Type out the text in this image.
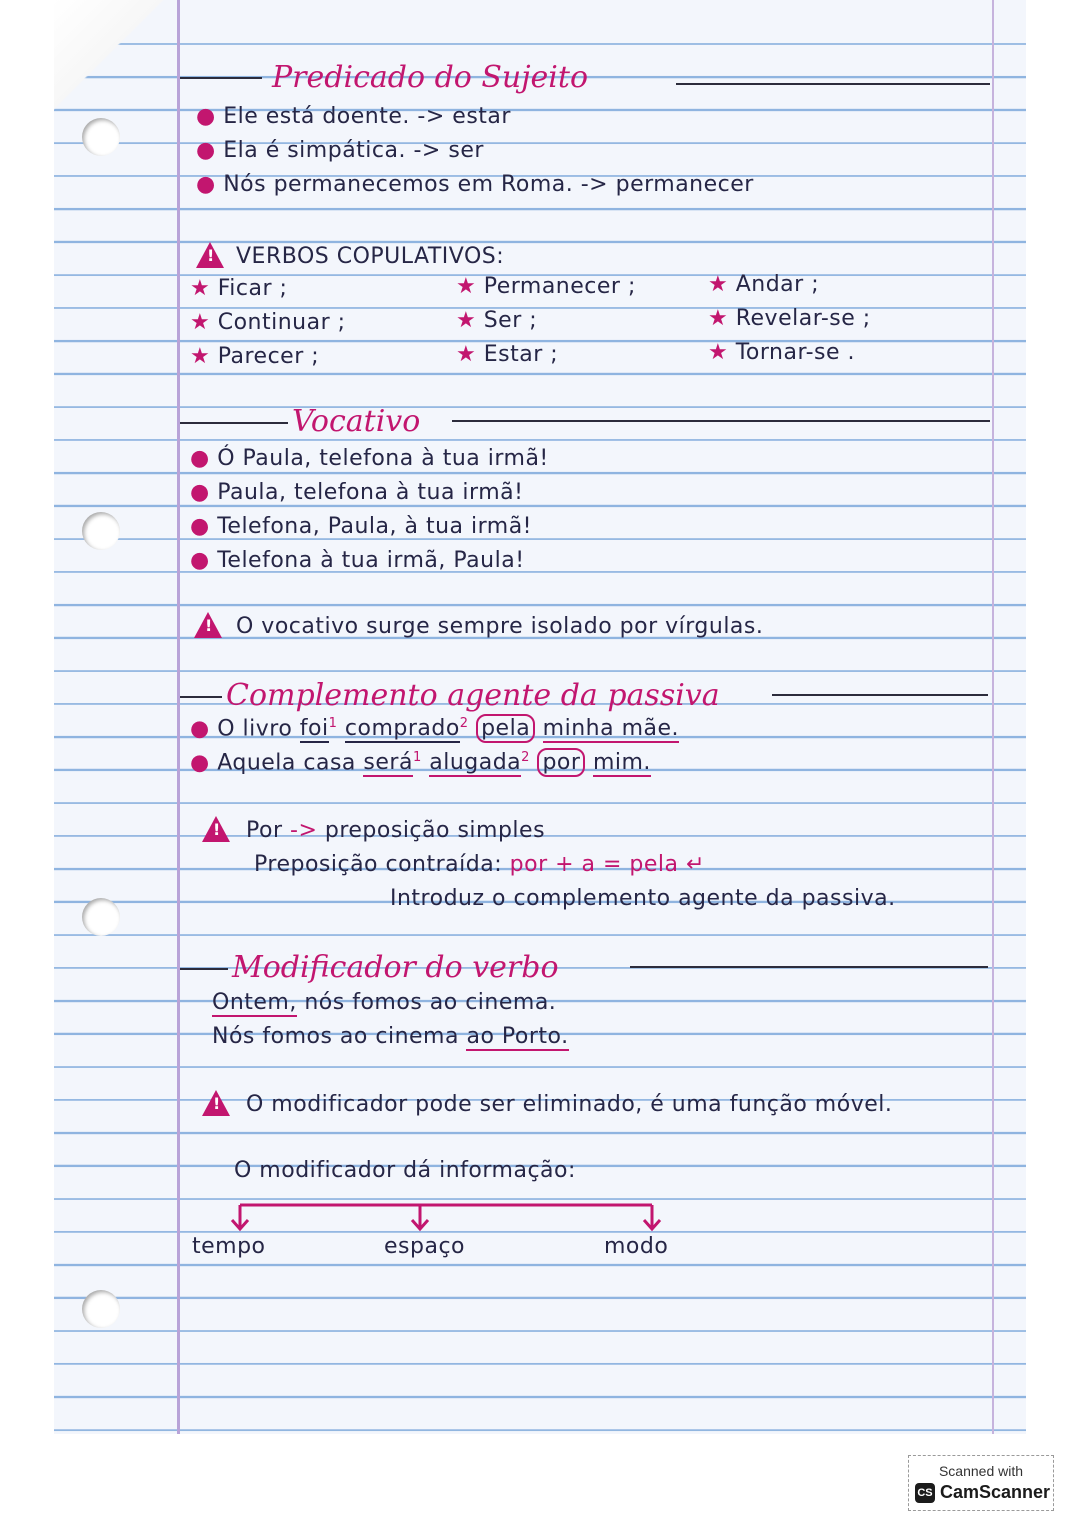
Predicado do Sujeito
● Ele está doente. -> estar
● Ela é simpática. -> ser
● Nós permanecemos em Roma. -> permanecer
!
VERBOS COPULATIVOS:
★ Ficar ;
★ Continuar ;
★ Parecer ;
★ Permanecer ;
★ Ser ;
★ Estar ;
★ Andar ;
★ Revelar-se ;
★ Tornar-se .
Vocativo
● Ó Paula, telefona à tua irmã!
● Paula, telefona à tua irmã!
● Telefona, Paula, à tua irmã!
● Telefona à tua irmã, Paula!
!
O vocativo surge sempre isolado por vírgulas.
Complemento agente da passiva
● O livro foi$^1$ comprado$^2$ pela minha mãe.
● Aquela casa será$^1$ alugada$^2$ por mim.
!
Por -> preposição simples
Preposição contraída: por + a = pela ↵
Introduz o complemento agente da passiva.
Modificador do verbo
Ontem, nós fomos ao cinema.
Nós fomos ao cinema ao Porto.
!
O modificador pode ser eliminado, é uma função móvel.
O modificador dá informação:
tempo	espaço	modo
Scanned with
CS CamScanner
